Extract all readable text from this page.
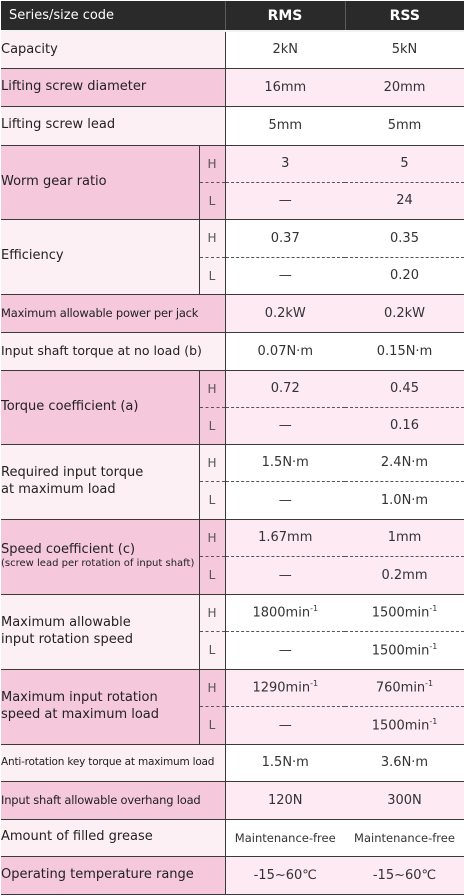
Series/size code		RMS	RSS
Capacity		2kN	5kN
Lifting screw diameter		16mm	20mm
Lifting screw lead		5mm	5mm
Worm gear ratio	H	3	5
	L	—	24
Efficiency	H	0.37	0.35
	L	—	0.20
Maximum allowable power per jack		0.2kW	0.2kW
Input shaft torque at no load (b)		0.07N·m	0.15N·m
Torque coefficient (a)	H	0.72	0.45
	L	—	0.16

Required input torque
at maximum load	H	1.5N·m	2.4N·m
	L	—	1.0N·m

Speed coefficient (c)
(screw lead per rotation of input shaft)	H	1.67mm	1mm
	L	—	0.2mm

Maximum allowable
input rotation speed	H	$1800\min^{-1}$	$1500\min^{-1}$
	L	—	$1500\min^{-1}$

Maximum input rotation
speed at maximum load	H	$1290\min^{-1}$	$760\min^{-1}$
	L	—	$1500\min^{-1}$
Anti-rotation key torque at maximum load		1.5N·m	3.6N·m
Input shaft allowable overhang load		120N	300N
Amount of filled grease		Maintenance-free	Maintenance-free
Operating temperature range		-15~60℃	-15~60℃
